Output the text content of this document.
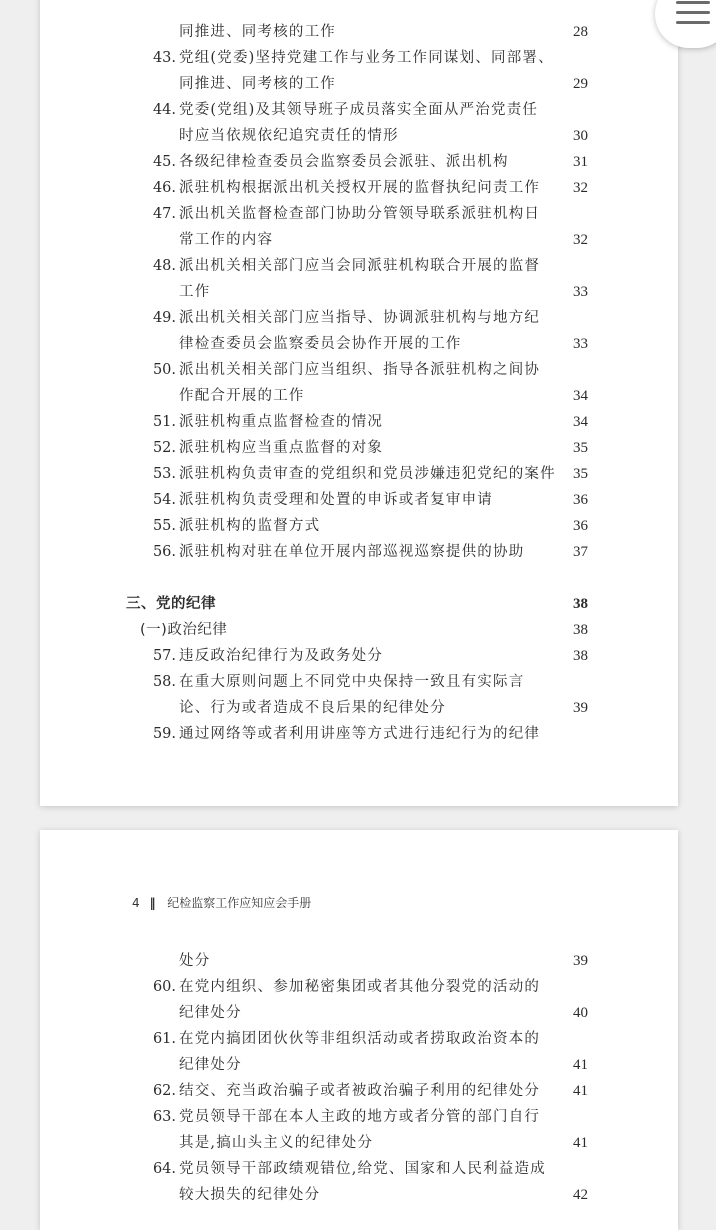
同推进、同考核的工作	28
43. 党组(党委)坚持党建工作与业务工作同谋划、同部署、
同推进、同考核的工作	29
44. 党委(党组)及其领导班子成员落实全面从严治党责任
时应当依规依纪追究责任的情形	30
45. 各级纪律检查委员会监察委员会派驻、派出机构	31
46. 派驻机构根据派出机关授权开展的监督执纪问责工作	32
47. 派出机关监督检查部门协助分管领导联系派驻机构日
常工作的内容	32
48. 派出机关相关部门应当会同派驻机构联合开展的监督
工作	33
49. 派出机关相关部门应当指导、协调派驻机构与地方纪
律检查委员会监察委员会协作开展的工作	33
50. 派出机关相关部门应当组织、指导各派驻机构之间协
作配合开展的工作	34
51. 派驻机构重点监督检查的情况	34
52. 派驻机构应当重点监督的对象	35
53. 派驻机构负责审查的党组织和党员涉嫌违犯党纪的案件	35
54. 派驻机构负责受理和处置的申诉或者复审申请	36
55. 派驻机构的监督方式	36
56. 派驻机构对驻在单位开展内部巡视巡察提供的协助	37
三、党的纪律	38
(一)政治纪律	38
57. 违反政治纪律行为及政务处分	38
58. 在重大原则问题上不同党中央保持一致且有实际言
论、行为或者造成不良后果的纪律处分	39
59. 通过网络等或者利用讲座等方式进行违纪行为的纪律
4 ‖ 纪检监察工作应知应会手册
处分	39
60. 在党内组织、参加秘密集团或者其他分裂党的活动的
纪律处分	40
61. 在党内搞团团伙伙等非组织活动或者捞取政治资本的
纪律处分	41
62. 结交、充当政治骗子或者被政治骗子利用的纪律处分	41
63. 党员领导干部在本人主政的地方或者分管的部门自行
其是,搞山头主义的纪律处分	41
64. 党员领导干部政绩观错位,给党、国家和人民利益造成
较大损失的纪律处分	42
